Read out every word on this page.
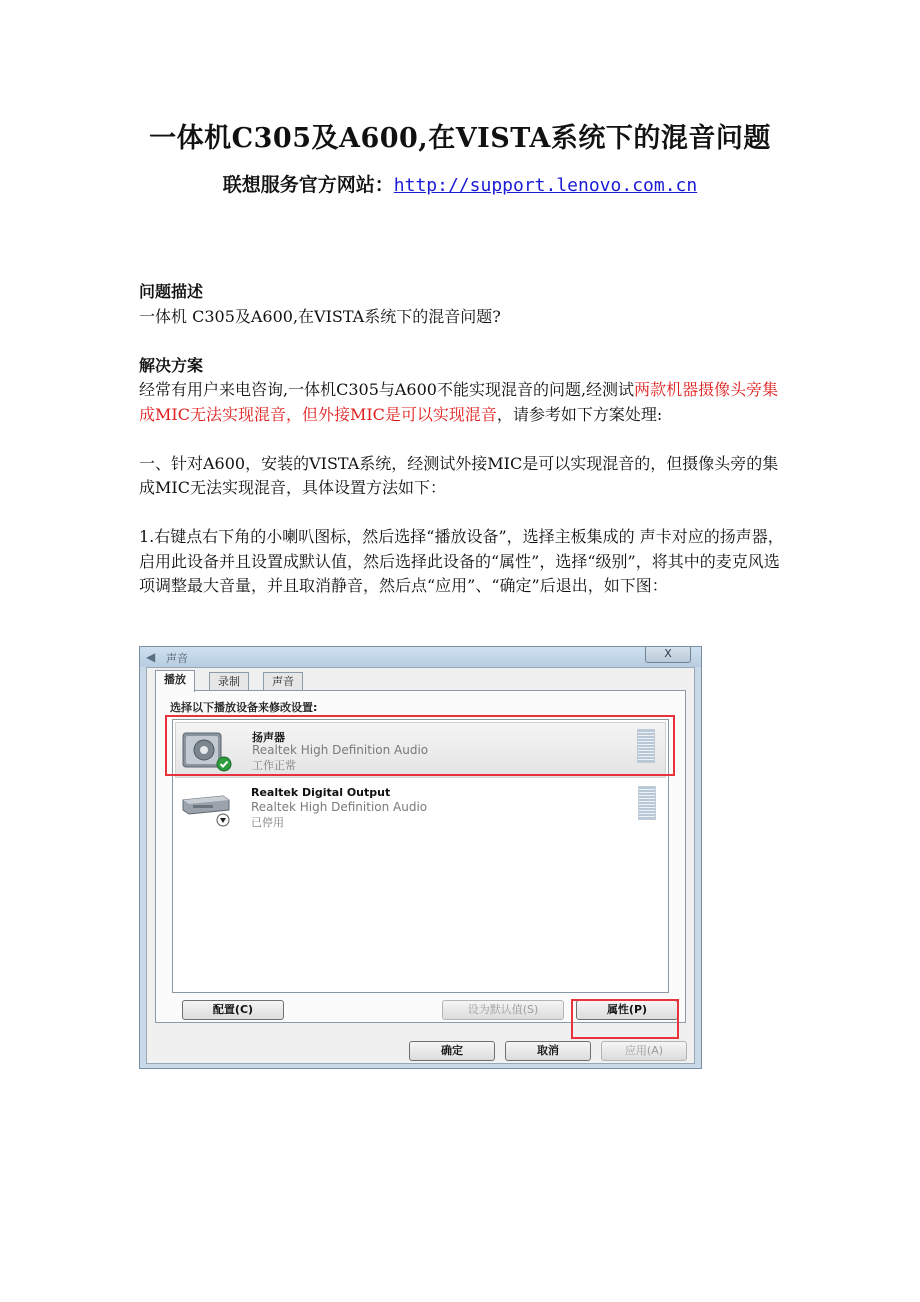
一体机C305及A600,在VISTA系统下的混音问题
联想服务官方网站：http://support.lenovo.com.cn

问题描述

一体机 C305及A600,在VISTA系统下的混音问题?

解决方案

经常有用户来电咨询,一体机C305与A600不能实现混音的问题,经测试两款机器摄像头旁集成MIC无法实现混音，但外接MIC是可以实现混音，请参考如下方案处理:

一、针对A600，安装的VISTA系统，经测试外接MIC是可以实现混音的，但摄像头旁的集成MIC无法实现混音，具体设置方法如下：

1.右键点右下角的小喇叭图标，然后选择“播放设备”，选择主板集成的 声卡对应的扬声器，启用此设备并且设置成默认值，然后选择此设备的“属性”，选择“级别”，将其中的麦克风选项调整最大音量，并且取消静音，然后点“应用”、“确定”后退出，如下图：

◀ 声音	X
播放	录制	声音
选择以下播放设备来修改设置:
扬声器
Realtek High Definition Audio
工作正常
Realtek Digital Output
Realtek High Definition Audio
已停用
配置(C)	设为默认值(S)	属性(P)
确定	取消	应用(A)
